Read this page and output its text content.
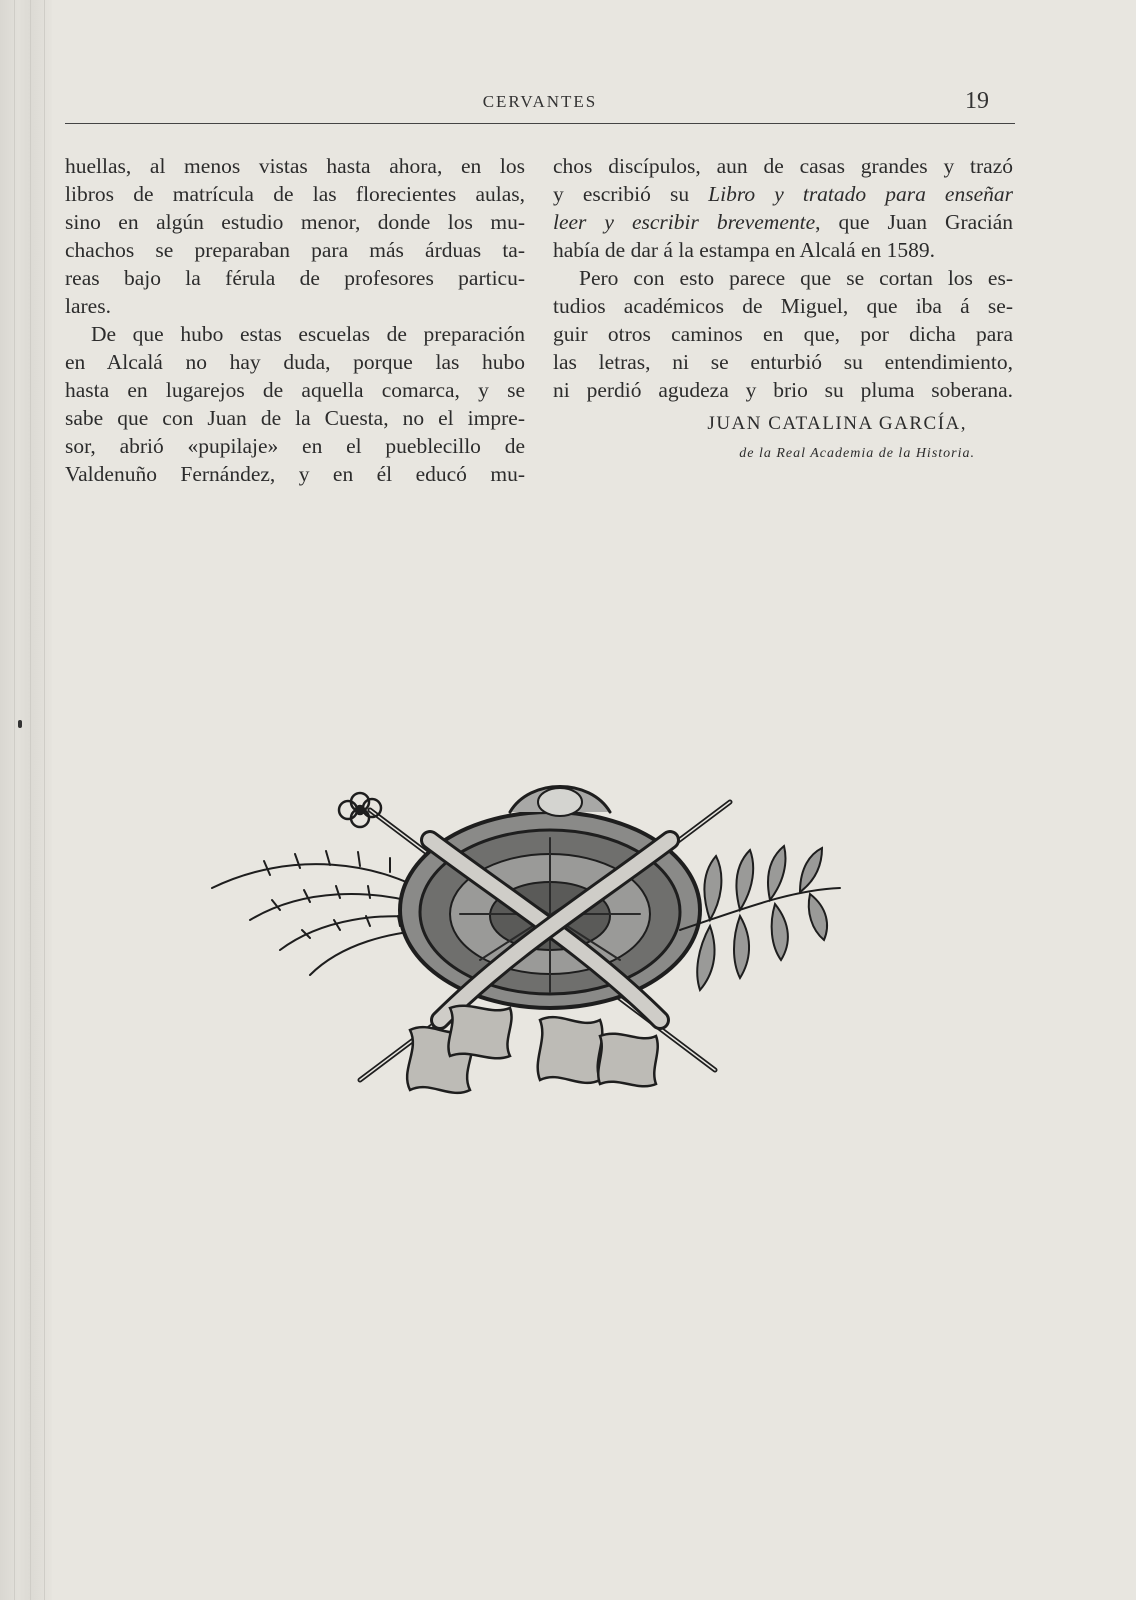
CERVANTES	19
huellas, al menos vistas hasta ahora, en los
libros de matrícula de las florecientes aulas,
sino en algún estudio menor, donde los mu-
chachos se preparaban para más árduas ta-
reas bajo la férula de profesores particu-
lares.
De que hubo estas escuelas de preparación
en Alcalá no hay duda, porque las hubo
hasta en lugarejos de aquella comarca, y se
sabe que con Juan de la Cuesta, no el impre-
sor, abrió «pupilaje» en el pueblecillo de
Valdenuño Fernández, y en él educó mu-
chos discípulos, aun de casas grandes y trazó
y escribió su Libro y tratado para enseñar
leer y escribir brevemente, que Juan Gracián
había de dar á la estampa en Alcalá en 1589.
Pero con esto parece que se cortan los es-
tudios académicos de Miguel, que iba á se-
guir otros caminos en que, por dicha para
las letras, ni se enturbió su entendimiento,
ni perdió agudeza y brio su pluma soberana.
JUAN CATALINA GARCÍA,
de la Real Academia de la Historia.
